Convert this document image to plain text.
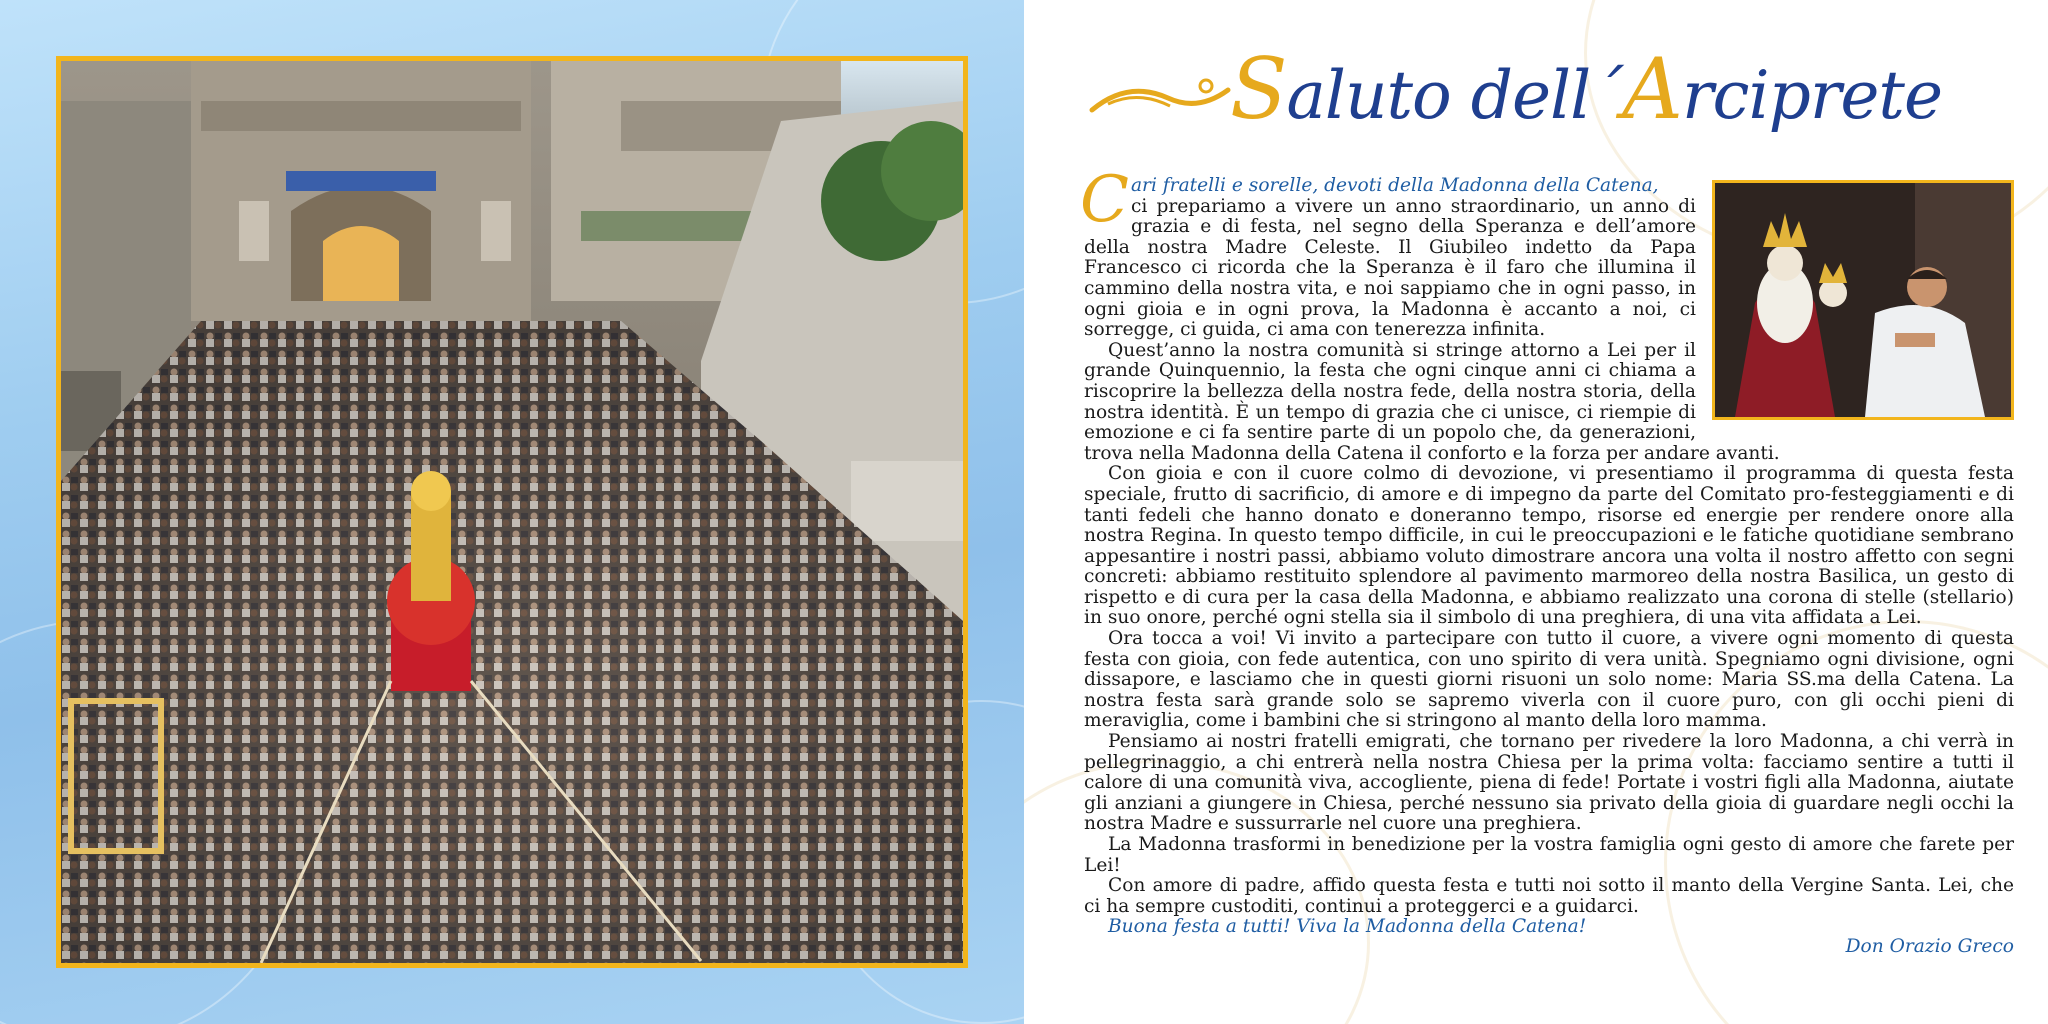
Saluto dell´Arciprete
C ari fratelli e sorelle, devoti della Madonna della Catena,

ci prepariamo a vivere un anno straordinario, un anno di grazia e di festa, nel segno della Speranza e dell’amore della nostra Madre Celeste. Il Giubileo indetto da Papa Francesco ci ricorda che la Speranza è il faro che illumina il cammino della nostra vita, e noi sappiamo che in ogni passo, in ogni gioia e in ogni prova, la Madonna è accanto a noi, ci sorregge, ci guida, ci ama con tenerezza infinita.

Quest’anno la nostra comunità si stringe attorno a Lei per il grande Quinquennio, la festa che ogni cinque anni ci chiama a riscoprire la bellezza della nostra fede, della nostra storia, della nostra identità. È un tempo di grazia che ci unisce, ci riempie di emozione e ci fa sentire parte di un popolo che, da generazioni, trova nella Madonna della Catena il conforto e la forza per andare avanti.

Con gioia e con il cuore colmo di devozione, vi presentiamo il programma di questa festa speciale, frutto di sacrificio, di amore e di impegno da parte del Comitato pro-festeggiamenti e di tanti fedeli che hanno donato e doneranno tempo, risorse ed energie per rendere onore alla nostra Regina. In questo tempo difficile, in cui le preoccupazioni e le fatiche quotidiane sembrano appesantire i nostri passi, abbiamo voluto dimostrare ancora una volta il nostro affetto con segni concreti: abbiamo restituito splendore al pavimento marmoreo della nostra Basilica, un gesto di rispetto e di cura per la casa della Madonna, e abbiamo realizzato una corona di stelle (stellario) in suo onore, perché ogni stella sia il simbolo di una preghiera, di una vita affidata a Lei.

Ora tocca a voi! Vi invito a partecipare con tutto il cuore, a vivere ogni momento di questa festa con gioia, con fede autentica, con uno spirito di vera unità. Spegniamo ogni divisione, ogni dissapore, e lasciamo che in questi giorni risuoni un solo nome: Maria SS.ma della Catena. La nostra festa sarà grande solo se sapremo viverla con il cuore puro, con gli occhi pieni di meraviglia, come i bambini che si stringono al manto della loro mamma.

Pensiamo ai nostri fratelli emigrati, che tornano per rivedere la loro Madonna, a chi verrà in pellegrinaggio, a chi entrerà nella nostra Chiesa per la prima volta: facciamo sentire a tutti il calore di una comunità viva, accogliente, piena di fede! Portate i vostri figli alla Madonna, aiutate gli anziani a giungere in Chiesa, perché nessuno sia privato della gioia di guardare negli occhi la nostra Madre e sussurrarle nel cuore una preghiera.

La Madonna trasformi in benedizione per la vostra famiglia ogni gesto di amore che farete per Lei!

Con amore di padre, affido questa festa e tutti noi sotto il manto della Vergine Santa. Lei, che ci ha sempre custoditi, continui a proteggerci e a guidarci.

Buona festa a tutti! Viva la Madonna della Catena!
Don Orazio Greco
